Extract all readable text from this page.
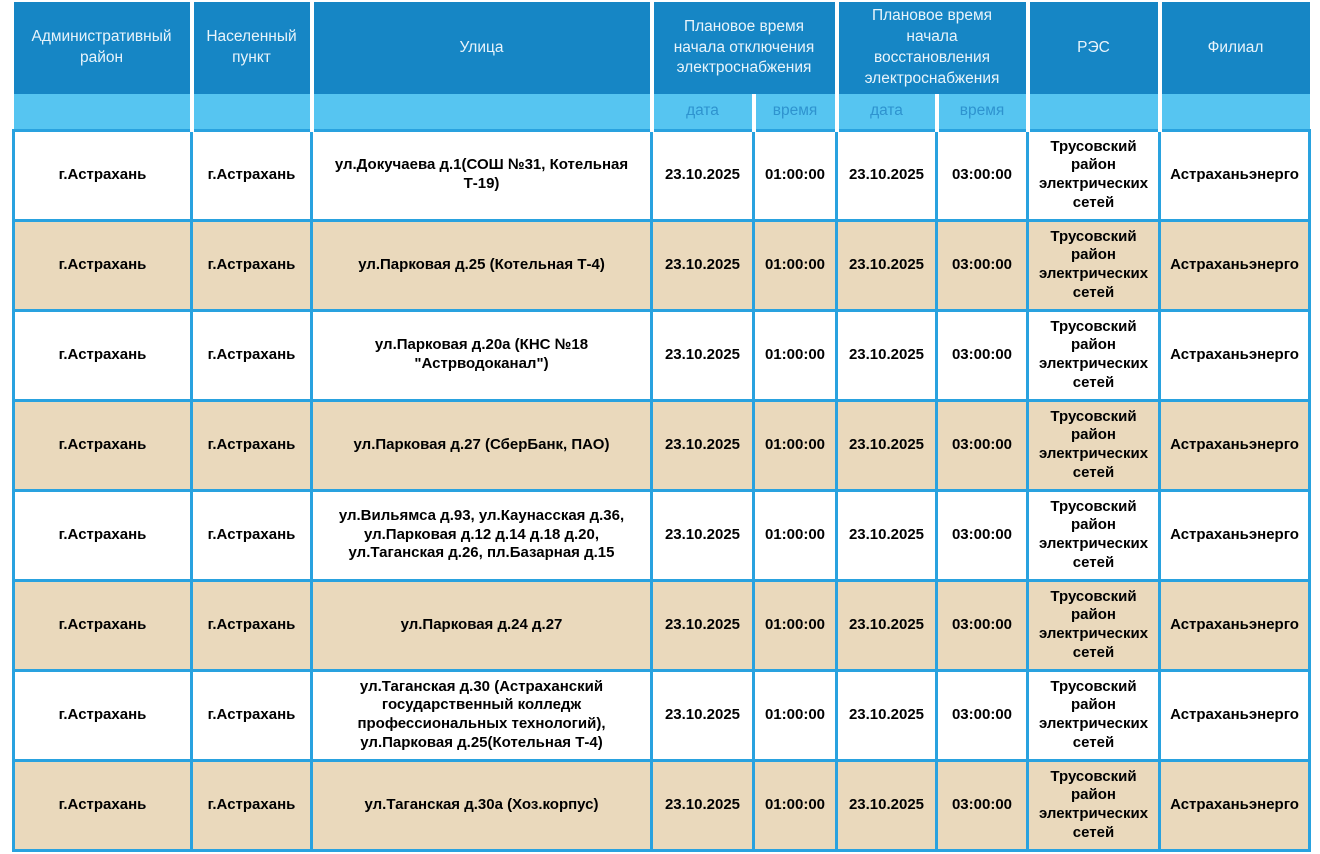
Административный район	Населенный пункт	Улица	Плановое время начала отключения электроснабжения		Плановое время начала восстановления электроснабжения		РЭС	Филиал
			дата	время	дата	время		
г.Астрахань	г.Астрахань	ул.Докучаева д.1(СОШ №31, Котельная Т-19)	23.10.2025	01:00:00	23.10.2025	03:00:00	Трусовский район электрических сетей	Астраханьэнерго
г.Астрахань	г.Астрахань	ул.Парковая д.25 (Котельная Т-4)	23.10.2025	01:00:00	23.10.2025	03:00:00	Трусовский район электрических сетей	Астраханьэнерго
г.Астрахань	г.Астрахань	ул.Парковая д.20а (КНС №18 "Астрводоканал")	23.10.2025	01:00:00	23.10.2025	03:00:00	Трусовский район электрических сетей	Астраханьэнерго
г.Астрахань	г.Астрахань	ул.Парковая д.27 (СберБанк, ПАО)	23.10.2025	01:00:00	23.10.2025	03:00:00	Трусовский район электрических сетей	Астраханьэнерго
г.Астрахань	г.Астрахань	ул.Вильямса д.93, ул.Каунасская д.36, ул.Парковая д.12 д.14 д.18 д.20, ул.Таганская д.26, пл.Базарная д.15	23.10.2025	01:00:00	23.10.2025	03:00:00	Трусовский район электрических сетей	Астраханьэнерго
г.Астрахань	г.Астрахань	ул.Парковая д.24 д.27	23.10.2025	01:00:00	23.10.2025	03:00:00	Трусовский район электрических сетей	Астраханьэнерго
г.Астрахань	г.Астрахань	ул.Таганская д.30 (Астраханский государственный колледж профессиональных технологий), ул.Парковая д.25(Котельная Т-4)	23.10.2025	01:00:00	23.10.2025	03:00:00	Трусовский район электрических сетей	Астраханьэнерго
г.Астрахань	г.Астрахань	ул.Таганская д.30а (Хоз.корпус)	23.10.2025	01:00:00	23.10.2025	03:00:00	Трусовский район электрических сетей	Астраханьэнерго
